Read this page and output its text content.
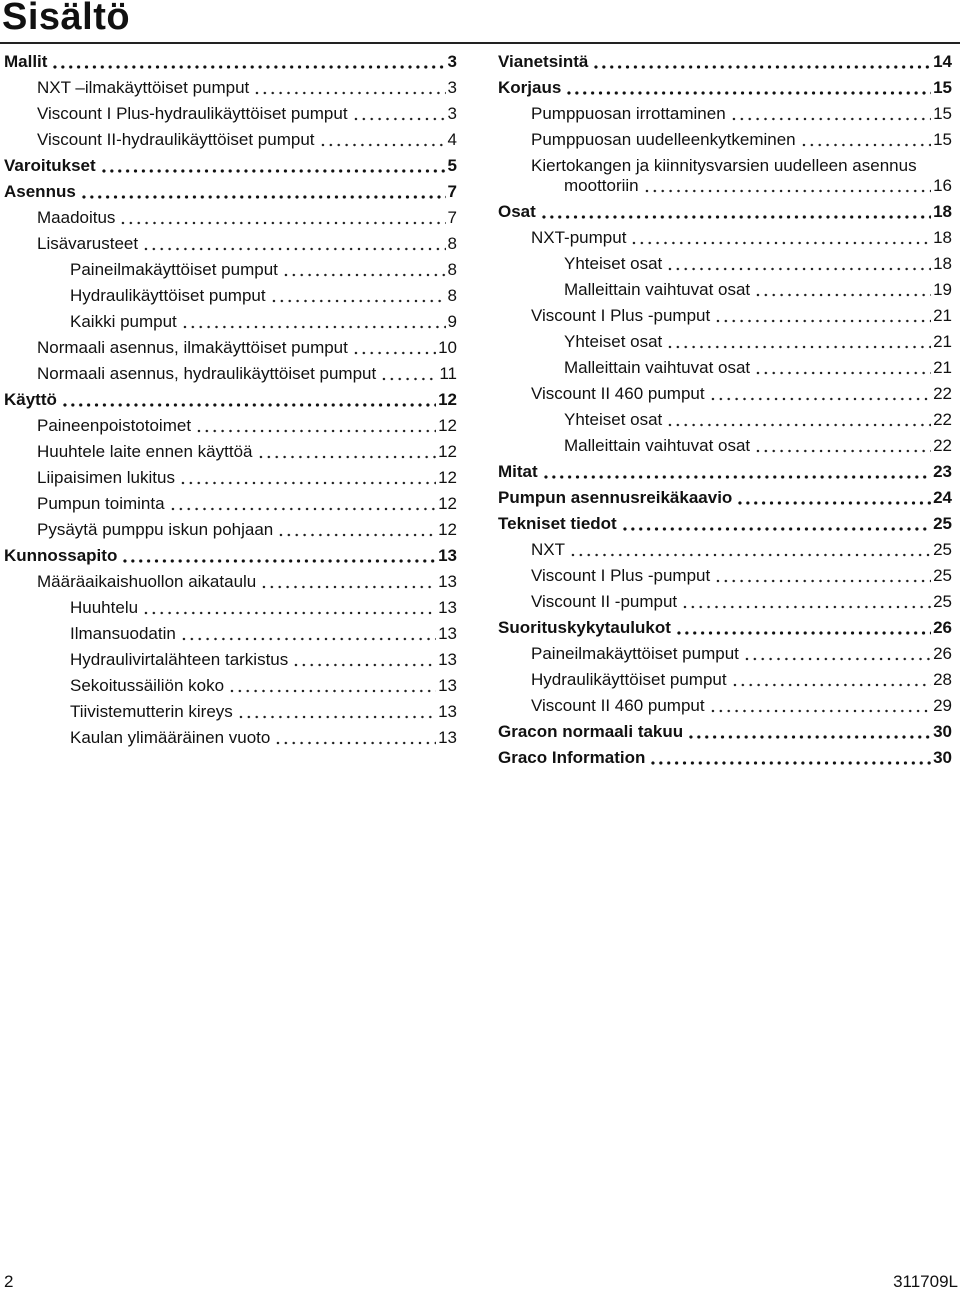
Sisältö
Mallit	3
NXT –ilmakäyttöiset pumput	3
Viscount I Plus-hydraulikäyttöiset pumput	3
Viscount II-hydraulikäyttöiset pumput	4
Varoitukset	5
Asennus	7
Maadoitus	7
Lisävarusteet	8
Paineilmakäyttöiset pumput	8
Hydraulikäyttöiset pumput	8
Kaikki pumput	9
Normaali asennus, ilmakäyttöiset pumput	10
Normaali asennus, hydraulikäyttöiset pumput	11
Käyttö	12
Paineenpoistotoimet	12
Huuhtele laite ennen käyttöä	12
Liipaisimen lukitus	12
Pumpun toiminta	12
Pysäytä pumppu iskun pohjaan	12
Kunnossapito	13
Määräaikaishuollon aikataulu	13
Huuhtelu	13
Ilmansuodatin	13
Hydraulivirtalähteen tarkistus	13
Sekoitussäiliön koko	13
Tiivistemutterin kireys	13
Kaulan ylimääräinen vuoto	13
Vianetsintä	14
Korjaus	15
Pumppuosan irrottaminen	15
Pumppuosan uudelleenkytkeminen	15
Kiertokangen ja kiinnitysvarsien uudelleen asennus
moottoriin	16
Osat	18
NXT-pumput	18
Yhteiset osat	18
Malleittain vaihtuvat osat	19
Viscount I Plus -pumput	21
Yhteiset osat	21
Malleittain vaihtuvat osat	21
Viscount II 460 pumput	22
Yhteiset osat	22
Malleittain vaihtuvat osat	22
Mitat	23
Pumpun asennusreikäkaavio	24
Tekniset tiedot	25
NXT	25
Viscount I Plus -pumput	25
Viscount II -pumput	25
Suorituskykytaulukot	26
Paineilmakäyttöiset pumput	26
Hydraulikäyttöiset pumput	28
Viscount II 460 pumput	29
Gracon normaali takuu	30
Graco Information	30
2	311709L
